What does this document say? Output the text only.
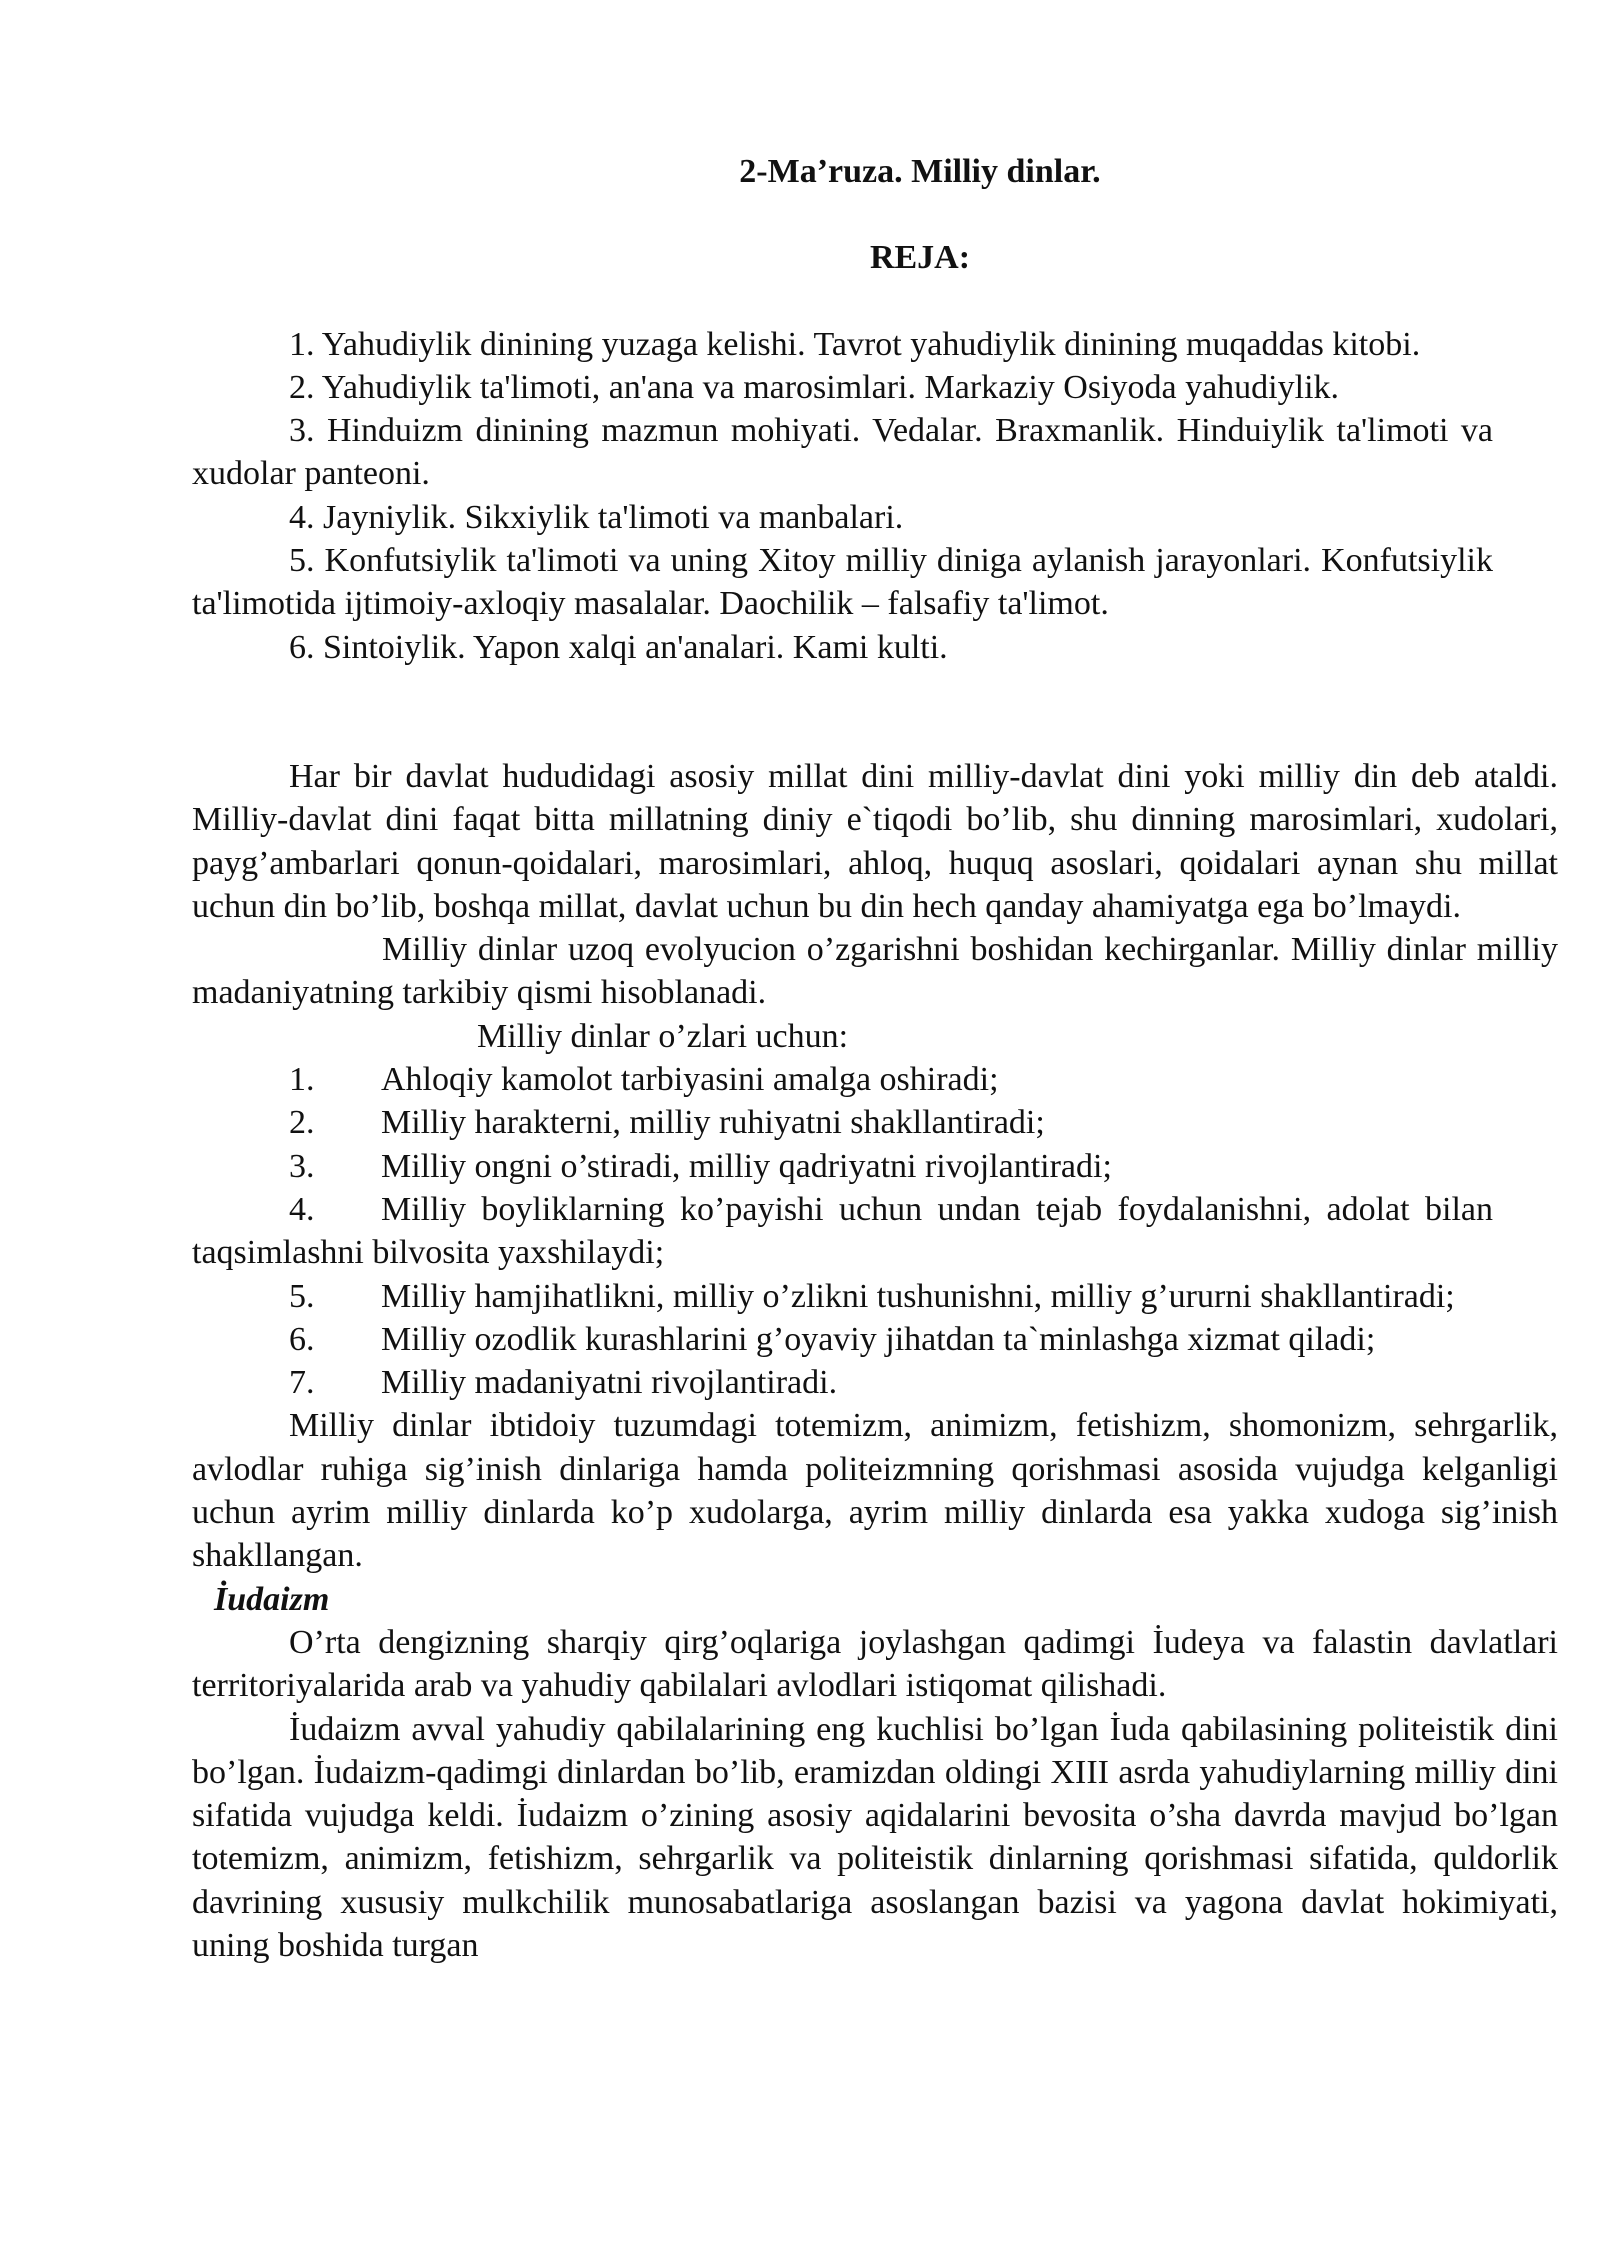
2-Ma’ruza. Milliy dinlar.

REJA:

1. Yahudiylik dinining yuzaga kelishi. Tavrot yahudiylik dinining muqaddas kitobi.

2. Yahudiylik ta'limoti, an'ana va marosimlari. Markaziy Osiyoda yahudiylik.

3. Hinduizm dinining mazmun mohiyati. Vedalar. Braxmanlik. Hinduiylik ta'limoti va xudolar panteoni.

4. Jayniylik. Sikxiylik ta'limoti va manbalari.

5. Konfutsiylik ta'limoti va uning Xitoy milliy diniga aylanish jarayonlari. Konfutsiylik ta'limotida ijtimoiy-axloqiy masalalar. Daochilik – falsafiy ta'limot.

6. Sintoiylik. Yapon xalqi an'analari. Kami kulti.

Har bir davlat hududidagi asosiy millat dini milliy-davlat dini yoki milliy din deb ataldi. Milliy-davlat dini faqat bitta millatning diniy e`tiqodi bo’lib, shu dinning marosimlari, xudolari, payg’ambarlari qonun-qoidalari, marosimlari, ahloq, huquq asoslari, qoidalari aynan shu millat uchun din bo’lib, boshqa millat, davlat uchun bu din hech qanday ahamiyatga ega bo’lmaydi.

Milliy dinlar uzoq evolyucion o’zgarishni boshidan kechirganlar. Milliy dinlar milliy madaniyatning tarkibiy qismi hisoblanadi.

Milliy dinlar o’zlari uchun:

1. Ahloqiy kamolot tarbiyasini amalga oshiradi;

2. Milliy harakterni, milliy ruhiyatni shakllantiradi;

3. Milliy ongni o’stiradi, milliy qadriyatni rivojlantiradi;

4. Milliy boyliklarning ko’payishi uchun undan tejab foydalanishni, adolat bilan taqsimlashni bilvosita yaxshilaydi;

5. Milliy hamjihatlikni, milliy o’zlikni tushunishni, milliy g’ururni shakllantiradi;

6. Milliy ozodlik kurashlarini g’oyaviy jihatdan ta`minlashga xizmat qiladi;

7. Milliy madaniyatni rivojlantiradi.

Milliy dinlar ibtidoiy tuzumdagi totemizm, animizm, fetishizm, shomonizm, sehrgarlik, avlodlar ruhiga sig’inish dinlariga hamda politeizmning qorishmasi asosida vujudga kelganligi uchun ayrim milliy dinlarda ko’p xudolarga, ayrim milliy dinlarda esa yakka xudoga sig’inish shakllangan.

İudaizm

O’rta dengizning sharqiy qirg’oqlariga joylashgan qadimgi İudeya va falastin davlatlari territoriyalarida arab va yahudiy qabilalari avlodlari istiqomat qilishadi.

İudaizm avval yahudiy qabilalarining eng kuchlisi bo’lgan İuda qabilasining politeistik dini bo’lgan. İudaizm-qadimgi dinlardan bo’lib, eramizdan oldingi XIII asrda yahudiylarning milliy dini sifatida vujudga keldi. İudaizm o’zining asosiy aqidalarini bevosita o’sha davrda mavjud bo’lgan totemizm, animizm, fetishizm, sehrgarlik va politeistik dinlarning qorishmasi sifatida, quldorlik davrining xususiy mulkchilik munosabatlariga asoslangan bazisi va yagona davlat hokimiyati, uning boshida turgan
